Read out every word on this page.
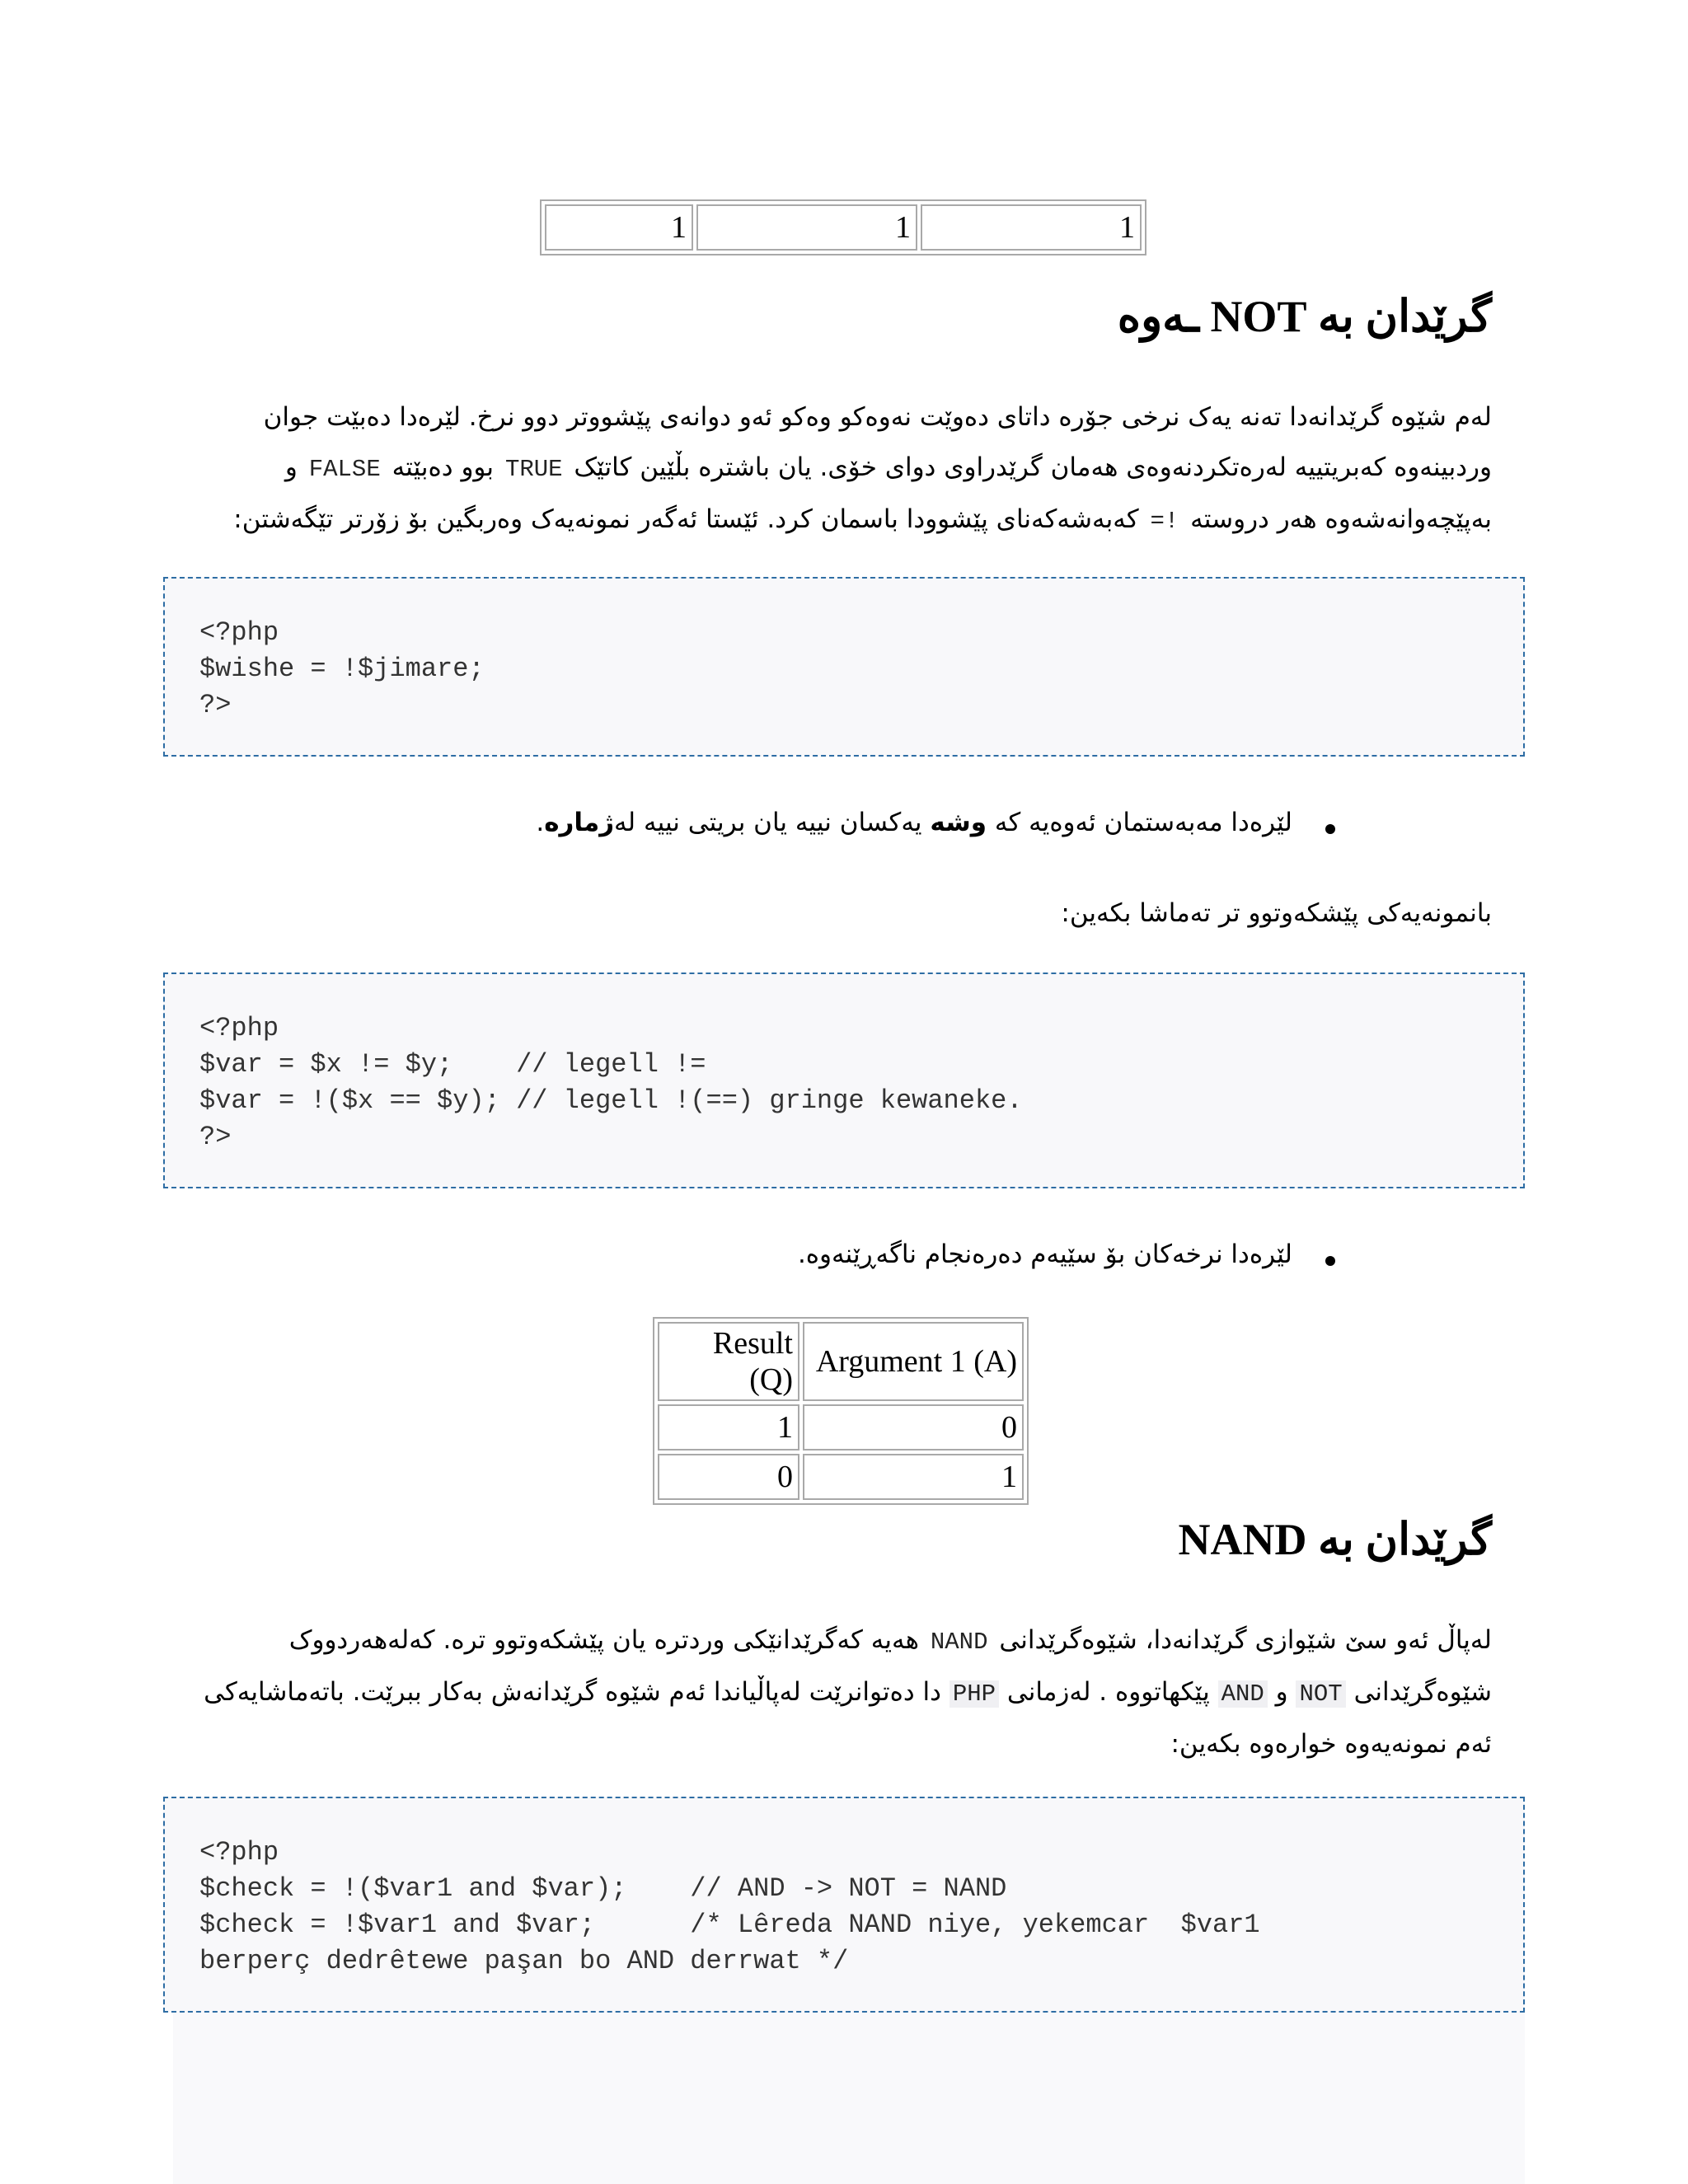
1	1	1
گرێدان بە NOT ـەوە

لەم شێوە گرێدانەدا تەنە یەک نرخی جۆرە داتای دەوێت نەوەکو وەکو ئەو دوانەی پێشووتر دوو نرخ. لێرەدا دەبێت جوان
وردبینەوە کەبریتییە لەرەتکردنەوەی هەمان گرێدراوی دوای خۆی. یان باشترە بڵێین کاتێک TRUE بوو دەبێتە FALSE و
بەپێچەوانەشەوە هەر دروستە != کەبەشەکەنای پێشوودا باسمان کرد. ئێستا ئەگەر نمونەیەک وەربگین بۆ زۆرتر تێگەشتن:

<?php
$wishe = !$jimare;
?>

لێرەدا مەبەستمان ئەوەیە کە وشە یەکسان نییە یان بریتی نییە لەژمارە.

بانمونەیەکی پێشکەوتوو تر تەماشا بکەین:

<?php
$var = $x != $y;    // legell !=
$var = !($x == $y); // legell !(==) gringe kewaneke.
?>

لێرەدا نرخەکان بۆ سێیەم دەرەنجام ناگەڕێنەوە.

Result (Q)	Argument 1 (A)
1	0
0	1
گرێدان بە NAND

لەپاڵ ئەو سێ شێوازی گرێدانەدا، شێوەگرێدانی NAND هەیە کەگرێدانێکی وردترە یان پێشکەوتوو ترە. کەلەهەردووک
شێوەگرێدانی NOT و AND پێکهاتووە . لەزمانی PHP دا دەتوانرێت لەپاڵیاندا ئەم شێوە گرێدانەش بەکار ببرێت. باتەماشایەکی
ئەم نمونەیەوە خوارەوە بکەین:

<?php
$check = !($var1 and $var);    // AND -> NOT = NAND
$check = !$var1 and $var;      /* Lêreda NAND niye, yekemcar  $var1
berperç dedrêtewe paşan bo AND derrwat */
